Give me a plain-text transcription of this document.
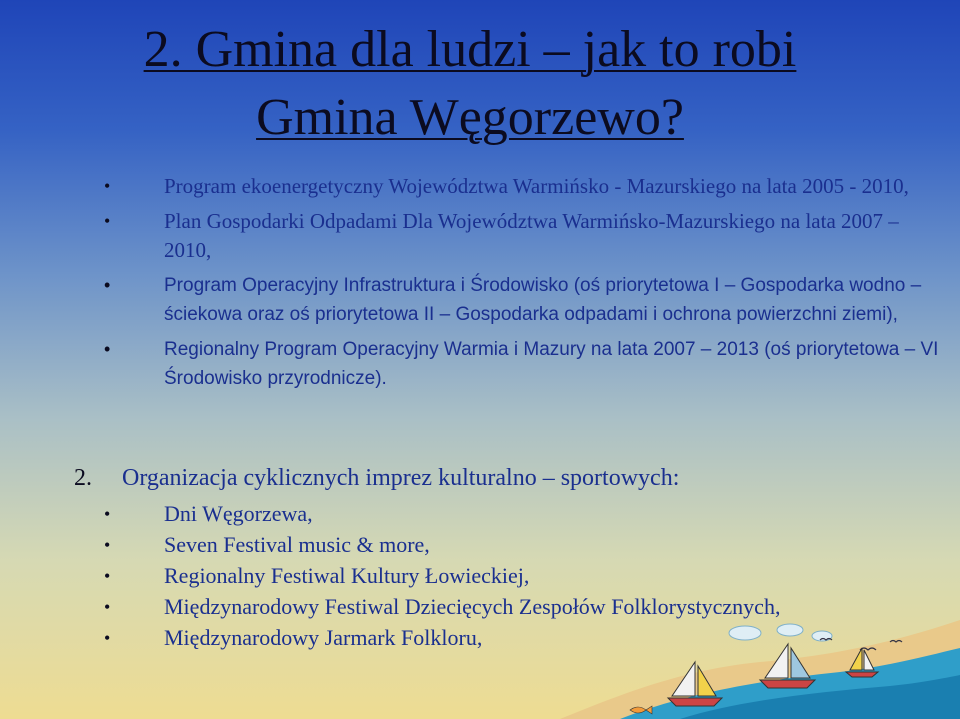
2. Gmina dla ludzi – jak to robi
Gmina Węgorzewo?
• Program ekoenergetyczny Województwa Warmińsko - Mazurskiego na lata 2005 - 2010,
• Plan Gospodarki Odpadami Dla Województwa Warmińsko-Mazurskiego na lata 2007 – 2010,
• Program Operacyjny Infrastruktura i Środowisko (oś priorytetowa I – Gospodarka wodno – ściekowa oraz oś priorytetowa II – Gospodarka odpadami i ochrona powierzchni ziemi),
• Regionalny Program Operacyjny Warmia i Mazury na lata 2007 – 2013 (oś priorytetowa – VI Środowisko przyrodnicze).
2. Organizacja cyklicznych imprez kulturalno – sportowych:
• Dni Węgorzewa,
• Seven Festival music & more,
• Regionalny Festiwal Kultury Łowieckiej,
• Międzynarodowy Festiwal Dziecięcych Zespołów Folklorystycznych,
• Międzynarodowy Jarmark Folkloru,
